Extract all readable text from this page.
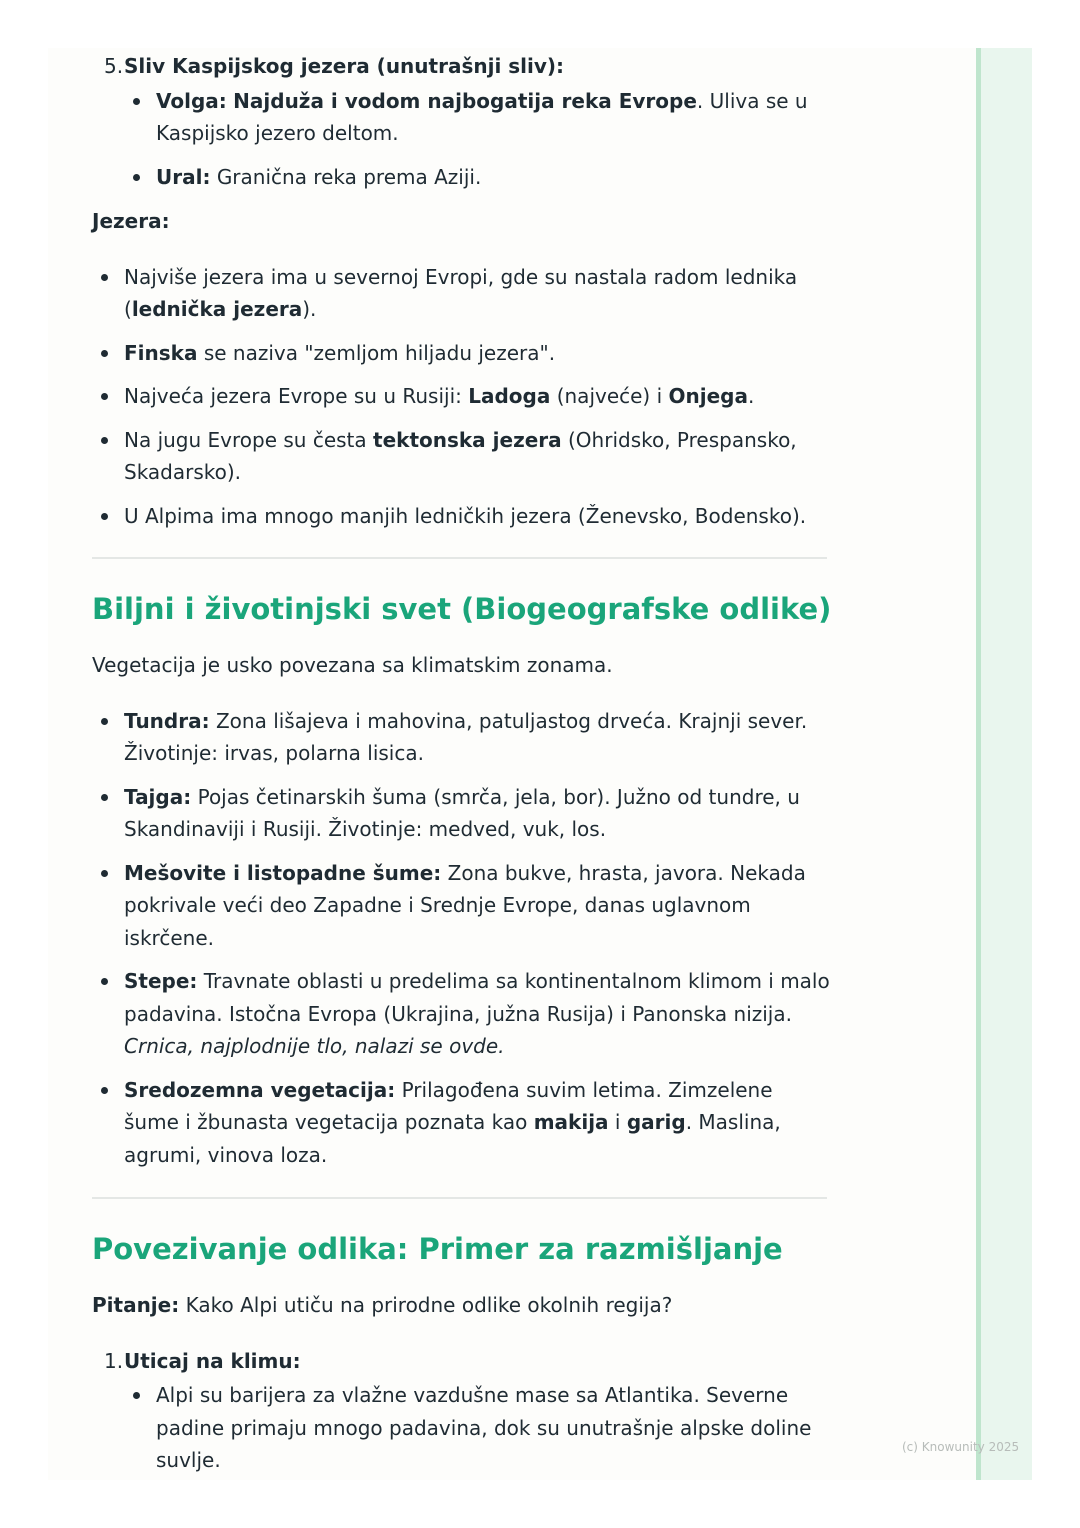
5. Sliv Kaspijskog jezera (unutrašnji sliv):
Volga: Najduža i vodom najbogatija reka Evrope. Uliva se u Kaspijsko jezero deltom.
Ural: Granična reka prema Aziji.

Jezera:

Najviše jezera ima u severnoj Evropi, gde su nastala radom lednika (lednička jezera).
Finska se naziva "zemljom hiljadu jezera".
Najveća jezera Evrope su u Rusiji: Ladoga (najveće) i Onjega.
Na jugu Evrope su česta tektonska jezera (Ohridsko, Prespansko, Skadarsko).
U Alpima ima mnogo manjih ledničkih jezera (Ženevsko, Bodensko).
Biljni i životinjski svet (Biogeografske odlike)

Vegetacija je usko povezana sa klimatskim zonama.

Tundra: Zona lišajeva i mahovina, patuljastog drveća. Krajnji sever. Životinje: irvas, polarna lisica.
Tajga: Pojas četinarskih šuma (smrča, jela, bor). Južno od tundre, u Skandinaviji i Rusiji. Životinje: medved, vuk, los.
Mešovite i listopadne šume: Zona bukve, hrasta, javora. Nekada pokrivale veći deo Zapadne i Srednje Evrope, danas uglavnom iskrčene.
Stepe: Travnate oblasti u predelima sa kontinentalnom klimom i malo padavina. Istočna Evropa (Ukrajina, južna Rusija) i Panonska nizija. Crnica, najplodnije tlo, nalazi se ovde.
Sredozemna vegetacija: Prilagođena suvim letima. Zimzelene šume i žbunasta vegetacija poznata kao makija i garig. Maslina, agrumi, vinova loza.
Povezivanje odlika: Primer za razmišljanje

Pitanje: Kako Alpi utiču na prirodne odlike okolnih regija?

1. Uticaj na klimu:
Alpi su barijera za vlažne vazdušne mase sa Atlantika. Severne padine primaju mnogo padavina, dok su unutrašnje alpske doline suvlje.
(c) Knowunity 2025
